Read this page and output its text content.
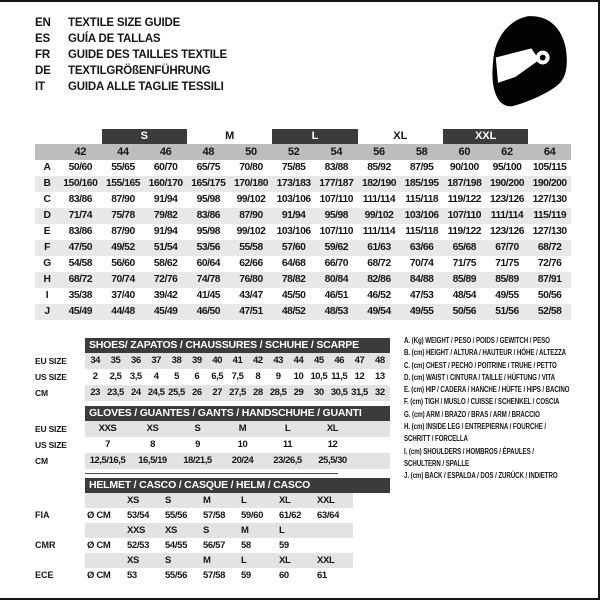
EN	TEXTILE SIZE GUIDE
ES	GUÍA DE TALLAS
FR	GUIDE DES TAILLES TEXTILE
DE	TEXTILGRÖßENFÜHRUNG
IT	GUIDA ALLE TAGLIE TESSILI
S	M	L	XL	XXL
42	44	46	48	50	52	54	56	58	60	62	64
A	50/60	55/65	60/70	65/75	70/80	75/85	83/88	85/92	87/95	90/100	95/100	105/115
B	150/160 155/165 160/170 165/175 170/180 173/183 177/187 182/190 185/195 187/198 190/200 190/200
C	83/86	87/90	91/94	95/98	99/102	103/106 107/110 111/114 115/118 119/122 123/126 127/130
D	71/74	75/78	79/82	83/86	87/90	91/94	95/98	99/102	103/106 107/110 111/114 115/119
E	83/86	87/90	91/94	95/98	99/102	103/106 107/110 111/114 115/118 119/122 123/126 127/130
F	47/50	49/52	51/54	53/56	55/58	57/60	59/62	61/63	63/66	65/68	67/70	68/72
G	54/58	56/60	58/62	60/64	62/66	64/68	66/70	68/72	70/74	71/75	71/75	72/76
H	68/72	70/74	72/76	74/78	76/80	78/82	80/84	82/86	84/88	85/89	85/89	87/91
I	35/38	37/40	39/42	41/45	43/47	45/50	46/51	46/52	47/53	48/54	49/55	50/56
J	45/49	44/48	45/49	46/50	47/51	48/52	48/53	49/54	49/55	50/56	51/56	52/58
SHOES/ ZAPATOS / CHAUSSURES / SCHUHE / SCARPE
EU SIZE	34	35	36	37	38	39	40	41	42	43	44	45	46	47	48
US SIZE	2	2,5 3,5	4	5	6	6,5 7,5	8	9	10 10,5 11,5 12	13
CM	23 23,5 24 24,5 25,5 26	27 27,5 28 28,5 29	30 30,5 31,5 32
GLOVES / GUANTES / GANTS / HANDSCHUHE / GUANTI
EU SIZE	XXS	XS	S	M	L	XL
US SIZE	7	8	9	10	11	12
CM	12,5/16,5	16,5/19	18/21,5	20/24	23/26,5	25,5/30
HELMET / CASCO / CASQUE / HELM / CASCO
XS	S	M	L	XL	XXL
FIA	Ø CM	53/54	55/56	57/58	59/60	61/62	63/64
XXS	XS	S	M	L
CMR	Ø CM	52/53	54/55	56/57	58	59
XS	S	M	L	XL	XXL
ECE	Ø CM	53	55/56	57/58	59	60	61
A. (Kg) WEIGHT / PESO / POIDS / GEWITCH / PESO
B. (cm) HEIGHT / ALTURA / HAUTEUR / HÖHE / ALTEZZA
C. (cm) CHEST / PECHO / POITRINE / TRUHE / PETTO
D. (cm) WAIST / CINTURA / TAILLE / HÜFTUNG / VITA
E. (cm) HIP / CADERA / HANCHE / HÜFTE / HIPS / BACINO
F. (cm) TIGH / MUSLO / CUISSE / SCHENKEL / COSCIA
G. (cm) ARM / BRAZO / BRAS / ARM / BRACCIO
H. (cm) INSIDE LEG / ENTREPIERNA / FOURCHE /
SCHRITT / FORCELLA
I. (cm) SHOULDERS / HOMBROS / ÉPAULES /
SCHULTERN / SPALLE
J. (cm) BACK / ESPALDA / DOS / ZURÜCK / INDIETRO
